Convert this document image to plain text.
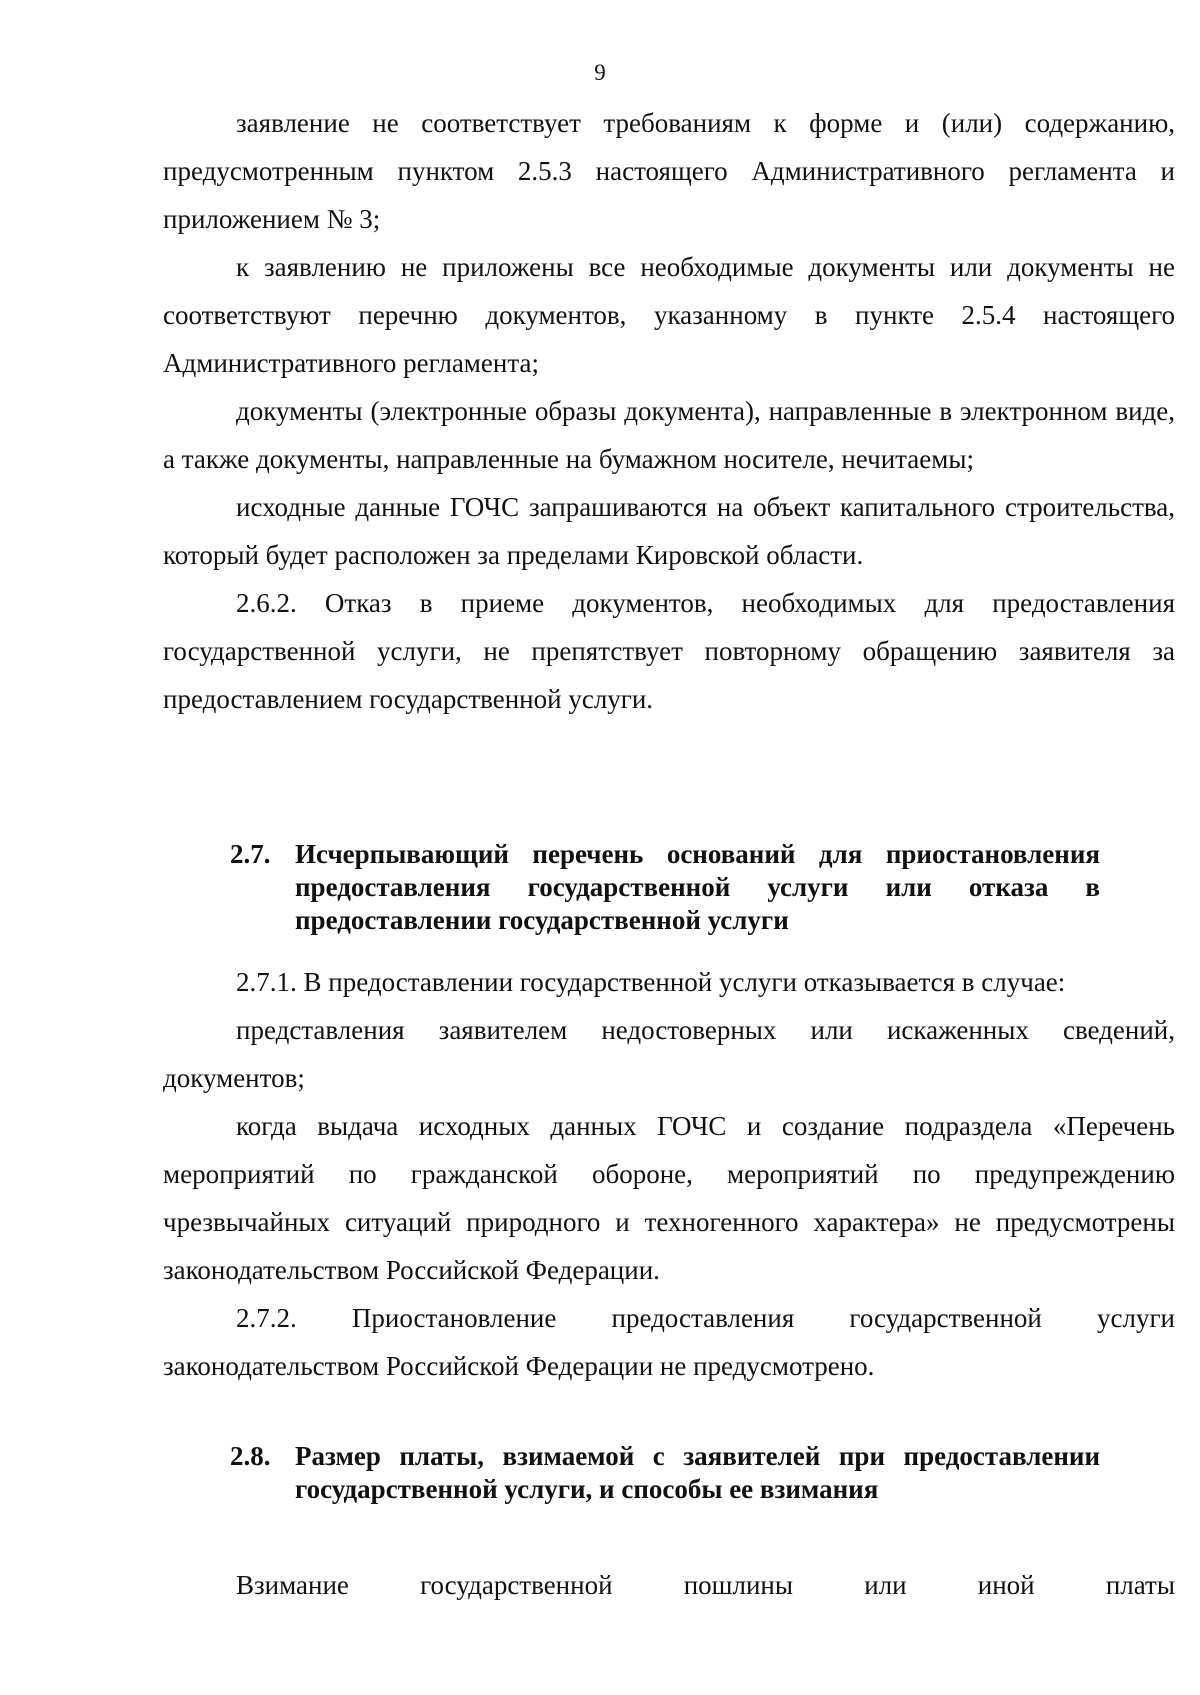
9

заявление не соответствует требованиям к форме и (или) содержанию, предусмотренным пунктом 2.5.3 настоящего Административного регламента и приложением № 3;

к заявлению не приложены все необходимые документы или документы не соответствуют перечню документов, указанному в пункте 2.5.4 настоящего Административного регламента;

документы (электронные образы документа), направленные в электронном виде, а также документы, направленные на бумажном носителе, нечитаемы;

исходные данные ГОЧС запрашиваются на объект капитального строительства, который будет расположен за пределами Кировской области.

2.6.2. Отказ в приеме документов, необходимых для предоставления государственной услуги, не препятствует повторному обращению заявителя за предоставлением государственной услуги.

2.7. Исчерпывающий перечень оснований для приостановления предоставления государственной услуги или отказа в предоставлении государственной услуги

2.7.1. В предоставлении государственной услуги отказывается в случае:

представления заявителем недостоверных или искаженных сведений, документов;

когда выдача исходных данных ГОЧС и создание подраздела «Перечень мероприятий по гражданской обороне, мероприятий по предупреждению чрезвычайных ситуаций природного и техногенного характера» не предусмотрены законодательством Российской Федерации.

2.7.2. Приостановление предоставления государственной услуги законодательством Российской Федерации не предусмотрено.

2.8. Размер платы, взимаемой с заявителей при предоставлении государственной услуги, и способы ее взимания

Взимание государственной пошлины или иной платы
